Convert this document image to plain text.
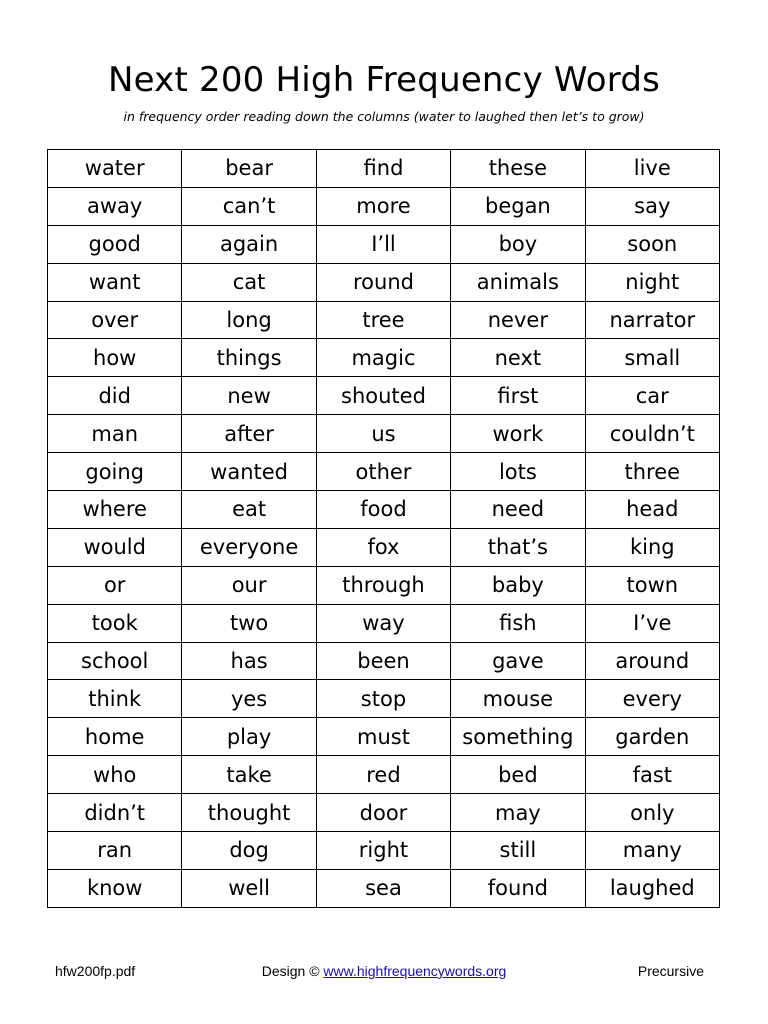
Next 200 High Frequency Words
in frequency order reading down the columns (water to laughed then let’s to grow)
water	bear	find	these	live
away	can’t	more	began	say
good	again	I’ll	boy	soon
want	cat	round	animals	night
over	long	tree	never	narrator
how	things	magic	next	small
did	new	shouted	first	car
man	after	us	work	couldn’t
going	wanted	other	lots	three
where	eat	food	need	head
would	everyone	fox	that’s	king
or	our	through	baby	town
took	two	way	fish	I’ve
school	has	been	gave	around
think	yes	stop	mouse	every
home	play	must	something	garden
who	take	red	bed	fast
didn’t	thought	door	may	only
ran	dog	right	still	many
know	well	sea	found	laughed
hfw200fp.pdf	Design © www.highfrequencywords.org	Precursive
